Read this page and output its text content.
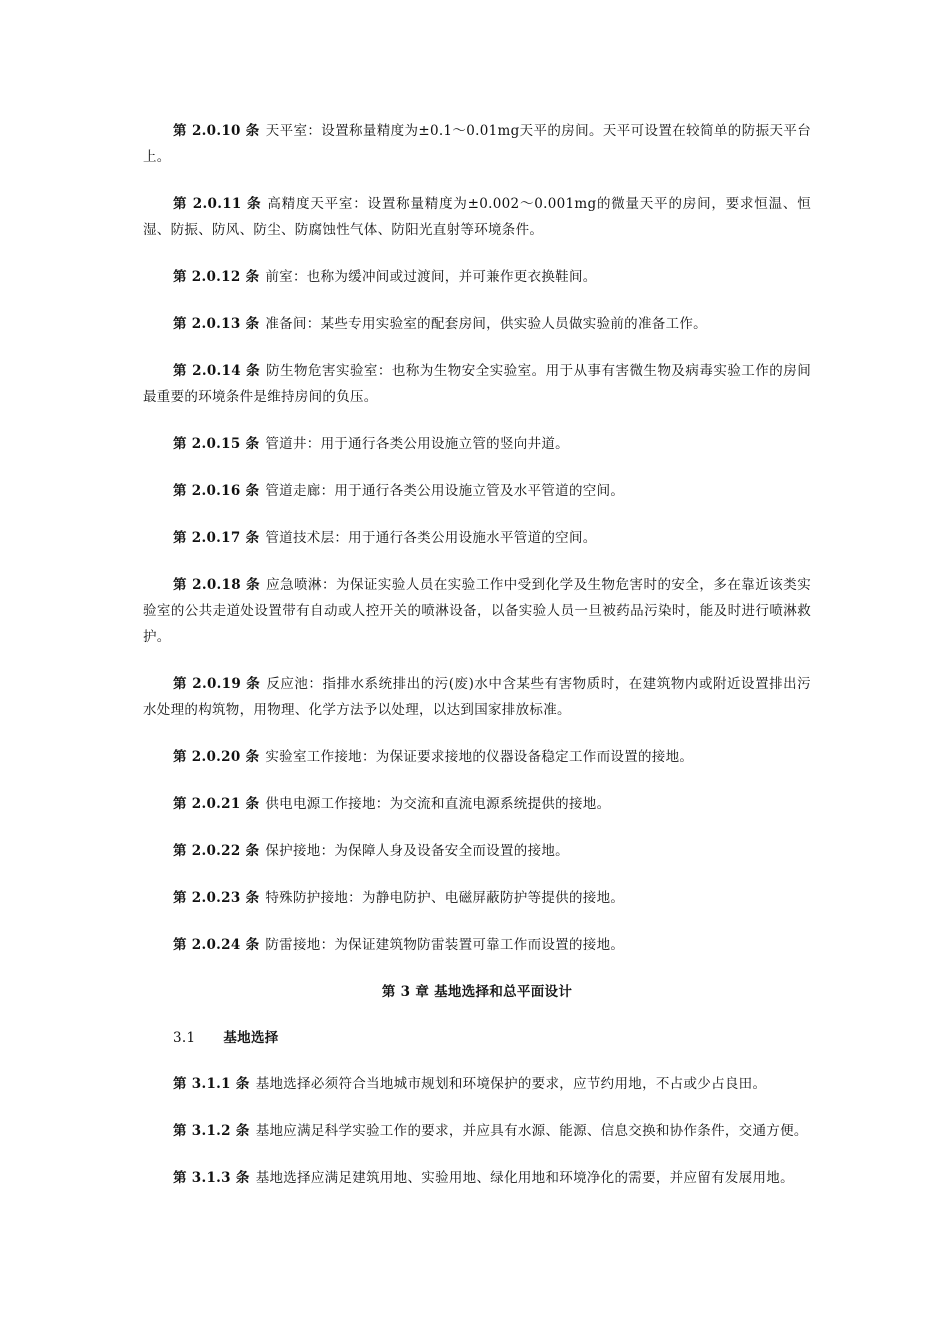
第 2.0.10 条 天平室：设置称量精度为±0.1～0.01mg天平的房间。天平可设置在较简单的防振天平台上。

第 2.0.11 条 高精度天平室：设置称量精度为±0.002～0.001mg的微量天平的房间，要求恒温、恒湿、防振、防风、防尘、防腐蚀性气体、防阳光直射等环境条件。

第 2.0.12 条 前室：也称为缓冲间或过渡间，并可兼作更衣换鞋间。

第 2.0.13 条 准备间：某些专用实验室的配套房间，供实验人员做实验前的准备工作。

第 2.0.14 条 防生物危害实验室：也称为生物安全实验室。用于从事有害微生物及病毒实验工作的房间最重要的环境条件是维持房间的负压。

第 2.0.15 条 管道井：用于通行各类公用设施立管的竖向井道。

第 2.0.16 条 管道走廊：用于通行各类公用设施立管及水平管道的空间。

第 2.0.17 条 管道技术层：用于通行各类公用设施水平管道的空间。

第 2.0.18 条 应急喷淋：为保证实验人员在实验工作中受到化学及生物危害时的安全，多在靠近该类实验室的公共走道处设置带有自动或人控开关的喷淋设备，以备实验人员一旦被药品污染时，能及时进行喷淋救护。

第 2.0.19 条 反应池：指排水系统排出的污(废)水中含某些有害物质时，在建筑物内或附近设置排出污水处理的构筑物，用物理、化学方法予以处理，以达到国家排放标准。

第 2.0.20 条 实验室工作接地：为保证要求接地的仪器设备稳定工作而设置的接地。

第 2.0.21 条 供电电源工作接地：为交流和直流电源系统提供的接地。

第 2.0.22 条 保护接地：为保障人身及设备安全而设置的接地。

第 2.0.23 条 特殊防护接地：为静电防护、电磁屏蔽防护等提供的接地。

第 2.0.24 条 防雷接地：为保证建筑物防雷装置可靠工作而设置的接地。

第 3 章 基地选择和总平面设计
3.1 基地选择

第 3.1.1 条 基地选择必须符合当地城市规划和环境保护的要求，应节约用地，不占或少占良田。

第 3.1.2 条 基地应满足科学实验工作的要求，并应具有水源、能源、信息交换和协作条件，交通方便。

第 3.1.3 条 基地选择应满足建筑用地、实验用地、绿化用地和环境净化的需要，并应留有发展用地。
